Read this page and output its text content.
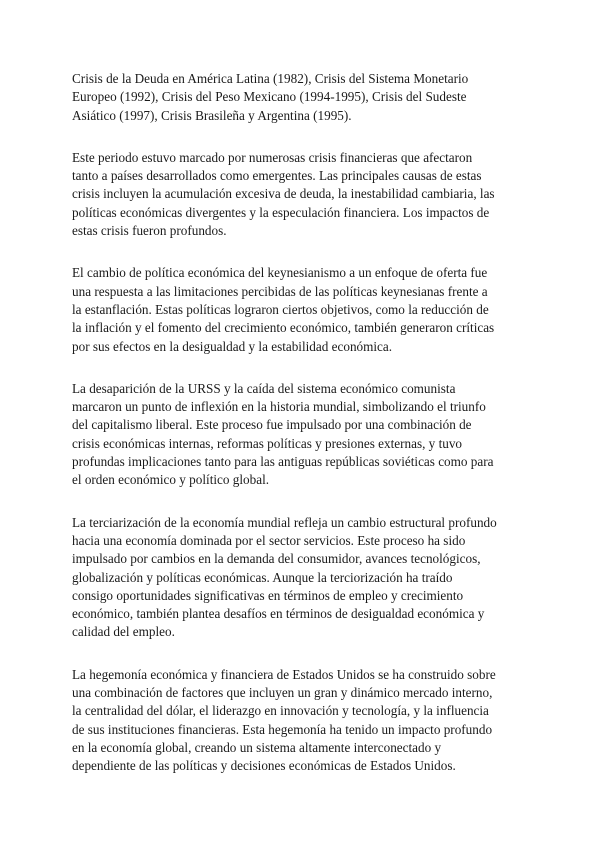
Crisis de la Deuda en América Latina (1982), Crisis del Sistema Monetario
Europeo (1992), Crisis del Peso Mexicano (1994-1995), Crisis del Sudeste
Asiático (1997), Crisis Brasileña y Argentina (1995).

Este periodo estuvo marcado por numerosas crisis financieras que afectaron
tanto a países desarrollados como emergentes. Las principales causas de estas
crisis incluyen la acumulación excesiva de deuda, la inestabilidad cambiaria, las
políticas económicas divergentes y la especulación financiera. Los impactos de
estas crisis fueron profundos.

El cambio de política económica del keynesianismo a un enfoque de oferta fue
una respuesta a las limitaciones percibidas de las políticas keynesianas frente a
la estanflación. Estas políticas lograron ciertos objetivos, como la reducción de
la inflación y el fomento del crecimiento económico, también generaron críticas
por sus efectos en la desigualdad y la estabilidad económica.

La desaparición de la URSS y la caída del sistema económico comunista
marcaron un punto de inflexión en la historia mundial, simbolizando el triunfo
del capitalismo liberal. Este proceso fue impulsado por una combinación de
crisis económicas internas, reformas políticas y presiones externas, y tuvo
profundas implicaciones tanto para las antiguas repúblicas soviéticas como para
el orden económico y político global.

La terciarización de la economía mundial refleja un cambio estructural profundo
hacia una economía dominada por el sector servicios. Este proceso ha sido
impulsado por cambios en la demanda del consumidor, avances tecnológicos,
globalización y políticas económicas. Aunque la terciorización ha traído
consigo oportunidades significativas en términos de empleo y crecimiento
económico, también plantea desafíos en términos de desigualdad económica y
calidad del empleo.

La hegemonía económica y financiera de Estados Unidos se ha construido sobre
una combinación de factores que incluyen un gran y dinámico mercado interno,
la centralidad del dólar, el liderazgo en innovación y tecnología, y la influencia
de sus instituciones financieras. Esta hegemonía ha tenido un impacto profundo
en la economía global, creando un sistema altamente interconectado y
dependiente de las políticas y decisiones económicas de Estados Unidos.
